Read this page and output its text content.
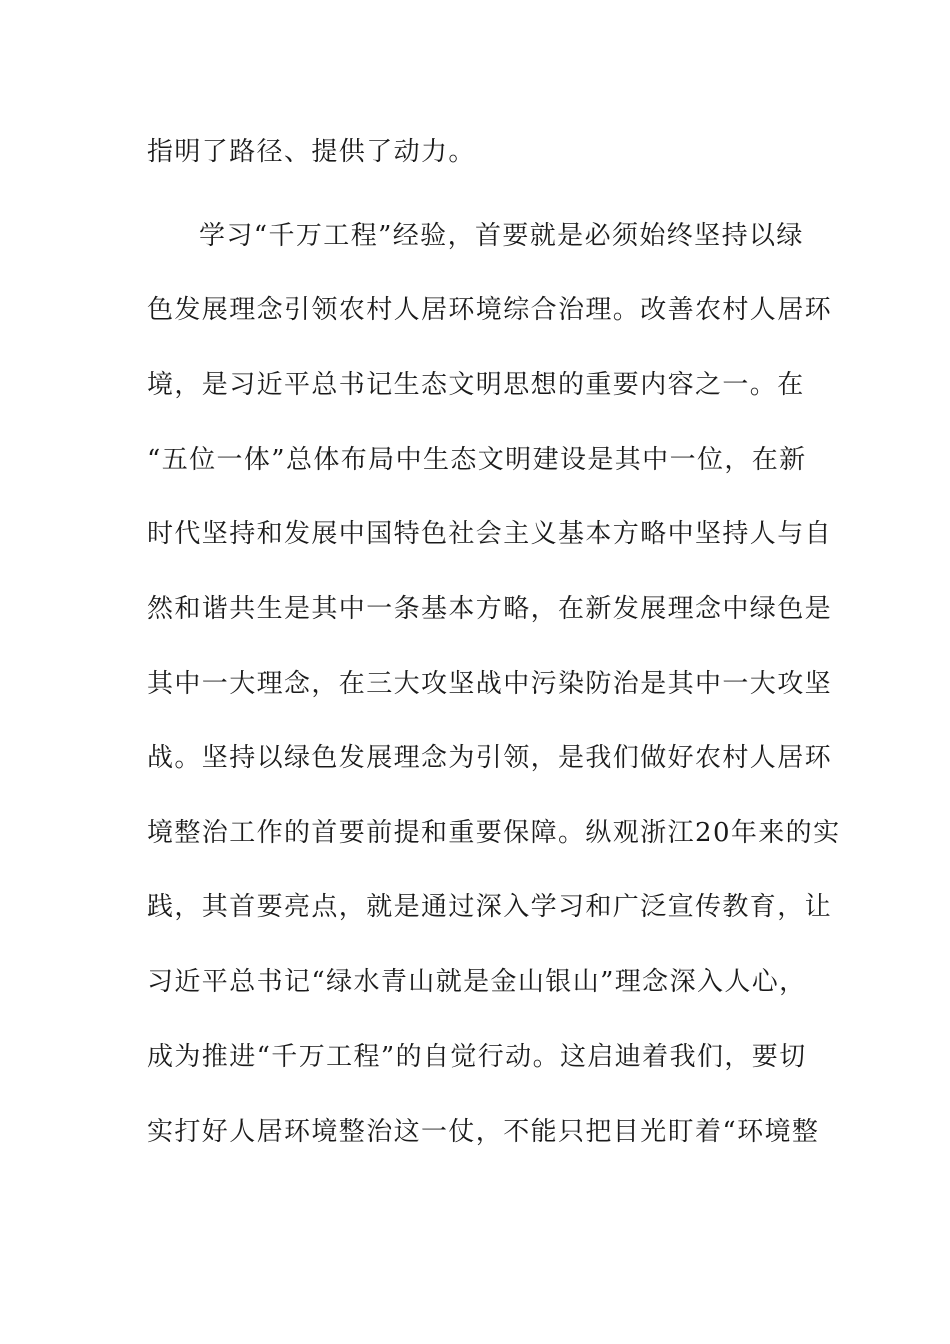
指明了路径、提供了动力。
学习“千万工程”经验，首要就是必须始终坚持以绿
色发展理念引领农村人居环境综合治理。改善农村人居环
境，是习近平总书记生态文明思想的重要内容之一。在
“五位一体”总体布局中生态文明建设是其中一位，在新
时代坚持和发展中国特色社会主义基本方略中坚持人与自
然和谐共生是其中一条基本方略，在新发展理念中绿色是
其中一大理念，在三大攻坚战中污染防治是其中一大攻坚
战。坚持以绿色发展理念为引领，是我们做好农村人居环
境整治工作的首要前提和重要保障。纵观浙江20年来的实
践，其首要亮点，就是通过深入学习和广泛宣传教育，让
习近平总书记“绿水青山就是金山银山”理念深入人心，
成为推进“千万工程”的自觉行动。这启迪着我们，要切
实打好人居环境整治这一仗，不能只把目光盯着“环境整
